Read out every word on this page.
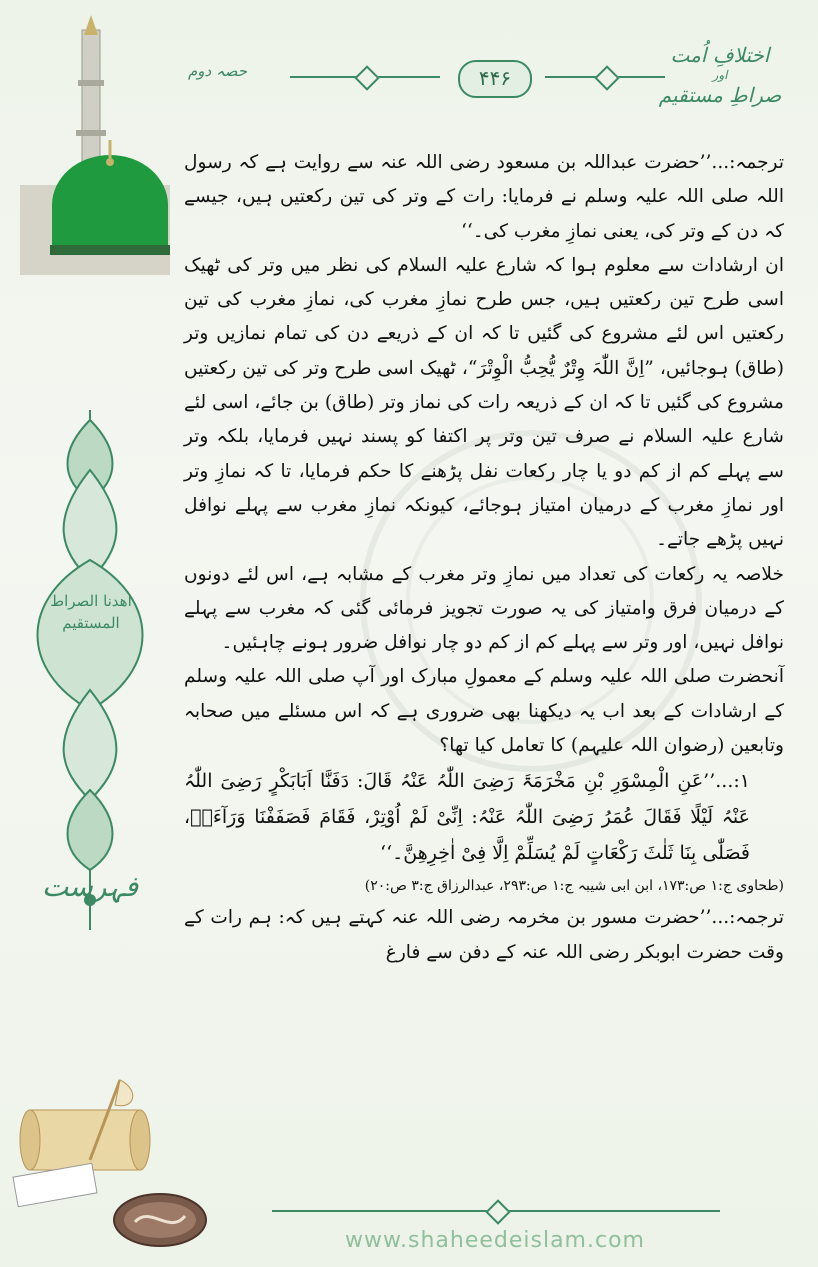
اھدنا الصراط
المستقیم
فہرست
اختلافِ اُمت
اور
صراطِ مستقیم
حصہ دوم	۴۴۶

ترجمہ:...’’حضرت عبداللہ بن مسعود رضی اللہ عنہ سے روایت ہے کہ رسول اللہ صلی اللہ علیہ وسلم نے فرمایا: رات کے وتر کی تین رکعتیں ہیں، جیسے کہ دن کے وتر کی، یعنی نمازِ مغرب کی۔‘‘

ان ارشادات سے معلوم ہوا کہ شارع علیہ السلام کی نظر میں وتر کی ٹھیک اسی طرح تین رکعتیں ہیں، جس طرح نمازِ مغرب کی، نمازِ مغرب کی تین رکعتیں اس لئے مشروع کی گئیں تا کہ ان کے ذریعے دن کی تمام نمازیں وتر (طاق) ہوجائیں، ”اِنَّ اللّٰہَ وِتْرٌ یُّحِبُّ الْوِتْرَ“، ٹھیک اسی طرح وتر کی تین رکعتیں مشروع کی گئیں تا کہ ان کے ذریعہ رات کی نماز وتر (طاق) بن جائے، اسی لئے شارع علیہ السلام نے صرف تین وتر پر اکتفا کو پسند نہیں فرمایا، بلکہ وتر سے پہلے کم از کم دو یا چار رکعات نفل پڑھنے کا حکم فرمایا، تا کہ نمازِ وتر اور نمازِ مغرب کے درمیان امتیاز ہوجائے، کیونکہ نمازِ مغرب سے پہلے نوافل نہیں پڑھے جاتے۔

خلاصہ یہ رکعات کی تعداد میں نمازِ وتر مغرب کے مشابہ ہے، اس لئے دونوں کے درمیان فرق وامتیاز کی یہ صورت تجویز فرمائی گئی کہ مغرب سے پہلے نوافل نہیں، اور وتر سے پہلے کم از کم دو چار نوافل ضرور ہونے چاہئیں۔

آنحضرت صلی اللہ علیہ وسلم کے معمولِ مبارک اور آپ صلی اللہ علیہ وسلم کے ارشادات کے بعد اب یہ دیکھنا بھی ضروری ہے کہ اس مسئلے میں صحابہ وتابعین (رضوان اللہ علیہم) کا تعامل کیا تھا؟

۱:...’’عَنِ الْمِسْوَرِ بْنِ مَخْرَمَۃَ رَضِیَ اللّٰہُ عَنْہُ قَالَ: دَفَنَّا اَبَابَکْرٍ رَضِیَ اللّٰہُ عَنْہُ لَیْلًا فَقَالَ عُمَرُ رَضِیَ اللّٰہُ عَنْہُ: اِنِّیْ لَمْ اُوْتِرْ، فَقَامَ فَصَفَفْنَا وَرَآءَہٗ، فَصَلّٰی بِنَا ثَلٰثَ رَکْعَاتٍ لَمْ یُسَلِّمْ اِلَّا فِیْ اٰخِرِھِنَّ۔‘‘

(طحاوی ج:۱ ص:۱۷۳، ابن ابی شیبہ ج:۱ ص:۲۹۳، عبدالرزاق ج:۳ ص:۲۰)

ترجمہ:...’’حضرت مسور بن مخرمہ رضی اللہ عنہ کہتے ہیں کہ: ہم رات کے وقت حضرت ابوبکر رضی اللہ عنہ کے دفن سے فارغ

www.shaheedeislam.com
